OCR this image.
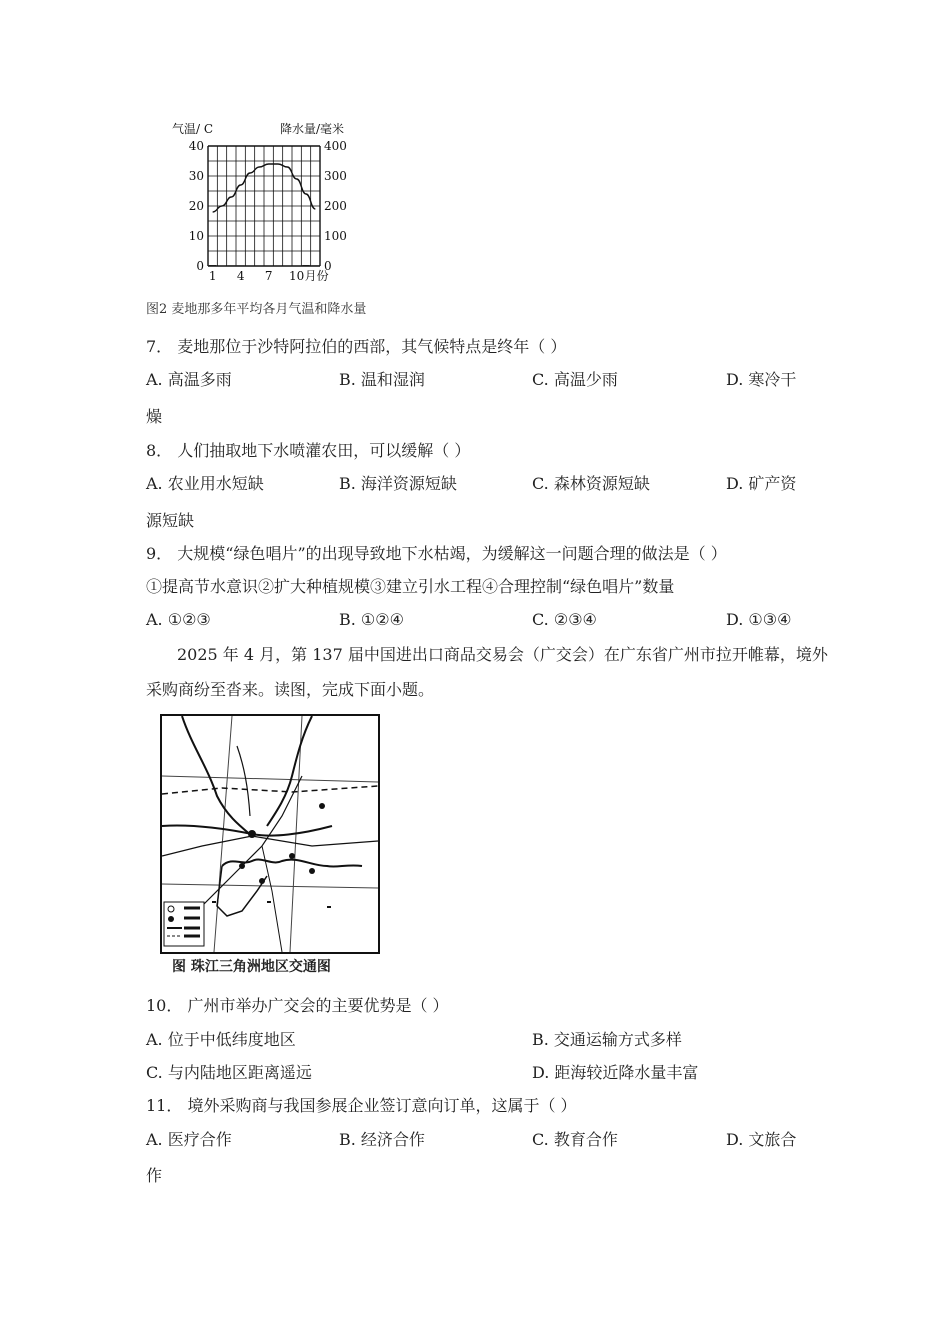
气温/ C	降水量/毫米
40
30
20
10
0
400
300
200
100
0
1 4 7 10 月份
图2 麦地那多年平均各月气温和降水量
7． 麦地那位于沙特阿拉伯的西部，其气候特点是终年（ ）
A. 高温多雨	B. 温和湿润	C. 高温少雨	D. 寒冷干
燥
8． 人们抽取地下水喷灌农田，可以缓解（ ）
A. 农业用水短缺	B. 海洋资源短缺	C. 森林资源短缺	D. 矿产资
源短缺
9． 大规模“绿色唱片”的出现导致地下水枯竭，为缓解这一问题合理的做法是（ ）
①提高节水意识②扩大种植规模③建立引水工程④合理控制“绿色唱片”数量
A. ①②③	B. ①②④	C. ②③④	D. ①③④
2025 年 4 月，第 137 届中国进出口商品交易会（广交会）在广东省广州市拉开帷幕，境外
采购商纷至沓来。读图，完成下面小题。
图 珠江三角洲地区交通图
10． 广州市举办广交会的主要优势是（ ）
A. 位于中低纬度地区	B. 交通运输方式多样
C. 与内陆地区距离遥远	D. 距海较近降水量丰富
11． 境外采购商与我国参展企业签订意向订单，这属于（ ）
A. 医疗合作	B. 经济合作	C. 教育合作	D. 文旅合
作
